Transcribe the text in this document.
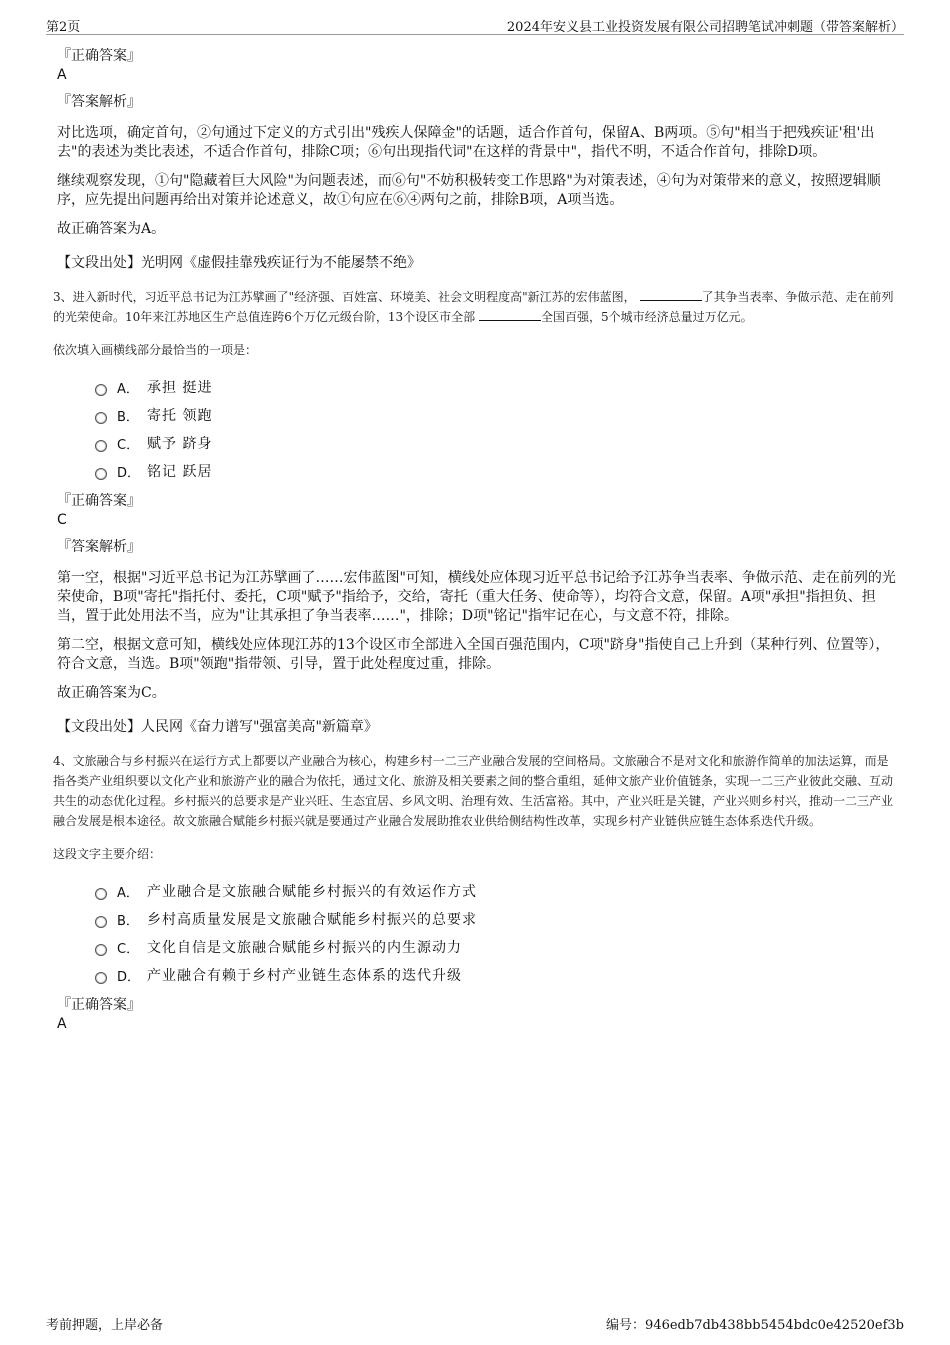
第2页	2024年安义县工业投资发展有限公司招聘笔试冲刺题（带答案解析）

『正确答案』

A

『答案解析』

对比选项，确定首句，②句通过下定义的方式引出"残疾人保障金"的话题，适合作首句，保留A、B两项。⑤句"相当于把残疾证'租'出去"的表述为类比表述，不适合作首句，排除C项；⑥句出现指代词"在这样的背景中"，指代不明，不适合作首句，排除D项。

继续观察发现，①句"隐藏着巨大风险"为问题表述，而⑥句"不妨积极转变工作思路"为对策表述，④句为对策带来的意义，按照逻辑顺序，应先提出问题再给出对策并论述意义，故①句应在⑥④两句之前，排除B项，A项当选。

故正确答案为A。

【文段出处】光明网《虚假挂靠残疾证行为不能屡禁不绝》

3、进入新时代，习近平总书记为江苏擘画了"经济强、百姓富、环境美、社会文明程度高"新江苏的宏伟蓝图，	了其争当表率、争做示范、走在前列的光荣使命。10年来江苏地区生产总值连跨6个万亿元级台阶，13个设区市全部	全国百强，5个城市经济总量过万亿元。

依次填入画横线部分最恰当的一项是：

A． 承担 挺进
B． 寄托 领跑
C． 赋予 跻身
D． 铭记 跃居

『正确答案』

C

『答案解析』

第一空，根据"习近平总书记为江苏擘画了……宏伟蓝图"可知，横线处应体现习近平总书记给予江苏争当表率、争做示范、走在前列的光荣使命，B项"寄托"指托付、委托，C项"赋予"指给予，交给，寄托（重大任务、使命等），均符合文意，保留。A项"承担"指担负、担当，置于此处用法不当，应为"让其承担了争当表率……"，排除；D项"铭记"指牢记在心，与文意不符，排除。

第二空，根据文意可知，横线处应体现江苏的13个设区市全部进入全国百强范围内，C项"跻身"指使自己上升到（某种行列、位置等），符合文意，当选。B项"领跑"指带领、引导，置于此处程度过重，排除。

故正确答案为C。

【文段出处】人民网《奋力谱写"强富美高"新篇章》

4、文旅融合与乡村振兴在运行方式上都要以产业融合为核心，构建乡村一二三产业融合发展的空间格局。文旅融合不是对文化和旅游作简单的加法运算，而是指各类产业组织要以文化产业和旅游产业的融合为依托，通过文化、旅游及相关要素之间的整合重组，延伸文旅产业价值链条，实现一二三产业彼此交融、互动共生的动态优化过程。乡村振兴的总要求是产业兴旺、生态宜居、乡风文明、治理有效、生活富裕。其中，产业兴旺是关键，产业兴则乡村兴，推动一二三产业融合发展是根本途径。故文旅融合赋能乡村振兴就是要通过产业融合发展助推农业供给侧结构性改革，实现乡村产业链供应链生态体系迭代升级。

这段文字主要介绍：

A． 产业融合是文旅融合赋能乡村振兴的有效运作方式
B． 乡村高质量发展是文旅融合赋能乡村振兴的总要求
C． 文化自信是文旅融合赋能乡村振兴的内生源动力
D． 产业融合有赖于乡村产业链生态体系的迭代升级

『正确答案』

A

考前押题，上岸必备	编号：946edb7db438bb5454bdc0e42520ef3b
